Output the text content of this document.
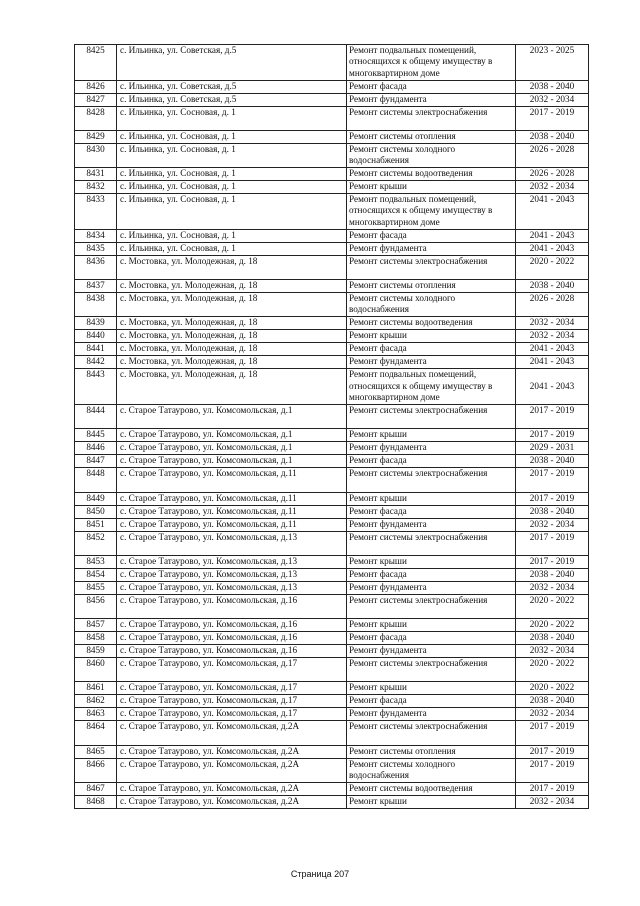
8425	с. Ильинка, ул. Советская, д.5	Ремонт подвальных помещений, относящихся к общему имуществу в многоквартирном доме	2023 - 2025
8426	с. Ильинка, ул. Советская, д.5	Ремонт фасада	2038 - 2040
8427	с. Ильинка, ул. Советская, д.5	Ремонт фундамента	2032 - 2034
8428	с. Ильинка, ул. Сосновая, д. 1	Ремонт системы электроснабжения	2017 - 2019
8429	с. Ильинка, ул. Сосновая, д. 1	Ремонт системы отопления	2038 - 2040
8430	с. Ильинка, ул. Сосновая, д. 1	Ремонт системы холодного водоснабжения	2026 - 2028
8431	с. Ильинка, ул. Сосновая, д. 1	Ремонт системы водоотведения	2026 - 2028
8432	с. Ильинка, ул. Сосновая, д. 1	Ремонт крыши	2032 - 2034
8433	с. Ильинка, ул. Сосновая, д. 1	Ремонт подвальных помещений, относящихся к общему имуществу в многоквартирном доме	2041 - 2043
8434	с. Ильинка, ул. Сосновая, д. 1	Ремонт фасада	2041 - 2043
8435	с. Ильинка, ул. Сосновая, д. 1	Ремонт фундамента	2041 - 2043
8436	с. Мостовка, ул. Молодежная, д. 18	Ремонт системы электроснабжения	2020 - 2022
8437	с. Мостовка, ул. Молодежная, д. 18	Ремонт системы отопления	2038 - 2040
8438	с. Мостовка, ул. Молодежная, д. 18	Ремонт системы холодного водоснабжения	2026 - 2028
8439	с. Мостовка, ул. Молодежная, д. 18	Ремонт системы водоотведения	2032 - 2034
8440	с. Мостовка, ул. Молодежная, д. 18	Ремонт крыши	2032 - 2034
8441	с. Мостовка, ул. Молодежная, д. 18	Ремонт фасада	2041 - 2043
8442	с. Мостовка, ул. Молодежная, д. 18	Ремонт фундамента	2041 - 2043
8443	с. Мостовка, ул. Молодежная, д. 18	Ремонт подвальных помещений, относящихся к общему имуществу в многоквартирном доме	2041 - 2043
8444	с. Старое Татаурово, ул. Комсомольская, д.1	Ремонт системы электроснабжения	2017 - 2019
8445	с. Старое Татаурово, ул. Комсомольская, д.1	Ремонт крыши	2017 - 2019
8446	с. Старое Татаурово, ул. Комсомольская, д.1	Ремонт фундамента	2029 - 2031
8447	с. Старое Татаурово, ул. Комсомольская, д.1	Ремонт фасада	2038 - 2040
8448	с. Старое Татаурово, ул. Комсомольская, д.11	Ремонт системы электроснабжения	2017 - 2019
8449	с. Старое Татаурово, ул. Комсомольская, д.11	Ремонт крыши	2017 - 2019
8450	с. Старое Татаурово, ул. Комсомольская, д.11	Ремонт фасада	2038 - 2040
8451	с. Старое Татаурово, ул. Комсомольская, д.11	Ремонт фундамента	2032 - 2034
8452	с. Старое Татаурово, ул. Комсомольская, д.13	Ремонт системы электроснабжения	2017 - 2019
8453	с. Старое Татаурово, ул. Комсомольская, д.13	Ремонт крыши	2017 - 2019
8454	с. Старое Татаурово, ул. Комсомольская, д.13	Ремонт фасада	2038 - 2040
8455	с. Старое Татаурово, ул. Комсомольская, д.13	Ремонт фундамента	2032 - 2034
8456	с. Старое Татаурово, ул. Комсомольская, д.16	Ремонт системы электроснабжения	2020 - 2022
8457	с. Старое Татаурово, ул. Комсомольская, д.16	Ремонт крыши	2020 - 2022
8458	с. Старое Татаурово, ул. Комсомольская, д.16	Ремонт фасада	2038 - 2040
8459	с. Старое Татаурово, ул. Комсомольская, д.16	Ремонт фундамента	2032 - 2034
8460	с. Старое Татаурово, ул. Комсомольская, д.17	Ремонт системы электроснабжения	2020 - 2022
8461	с. Старое Татаурово, ул. Комсомольская, д.17	Ремонт крыши	2020 - 2022
8462	с. Старое Татаурово, ул. Комсомольская, д.17	Ремонт фасада	2038 - 2040
8463	с. Старое Татаурово, ул. Комсомольская, д.17	Ремонт фундамента	2032 - 2034
8464	с. Старое Татаурово, ул. Комсомольская, д.2А	Ремонт системы электроснабжения	2017 - 2019
8465	с. Старое Татаурово, ул. Комсомольская, д.2А	Ремонт системы отопления	2017 - 2019
8466	с. Старое Татаурово, ул. Комсомольская, д.2А	Ремонт системы холодного водоснабжения	2017 - 2019
8467	с. Старое Татаурово, ул. Комсомольская, д.2А	Ремонт системы водоотведения	2017 - 2019
8468	с. Старое Татаурово, ул. Комсомольская, д.2А	Ремонт крыши	2032 - 2034
Страница 207
